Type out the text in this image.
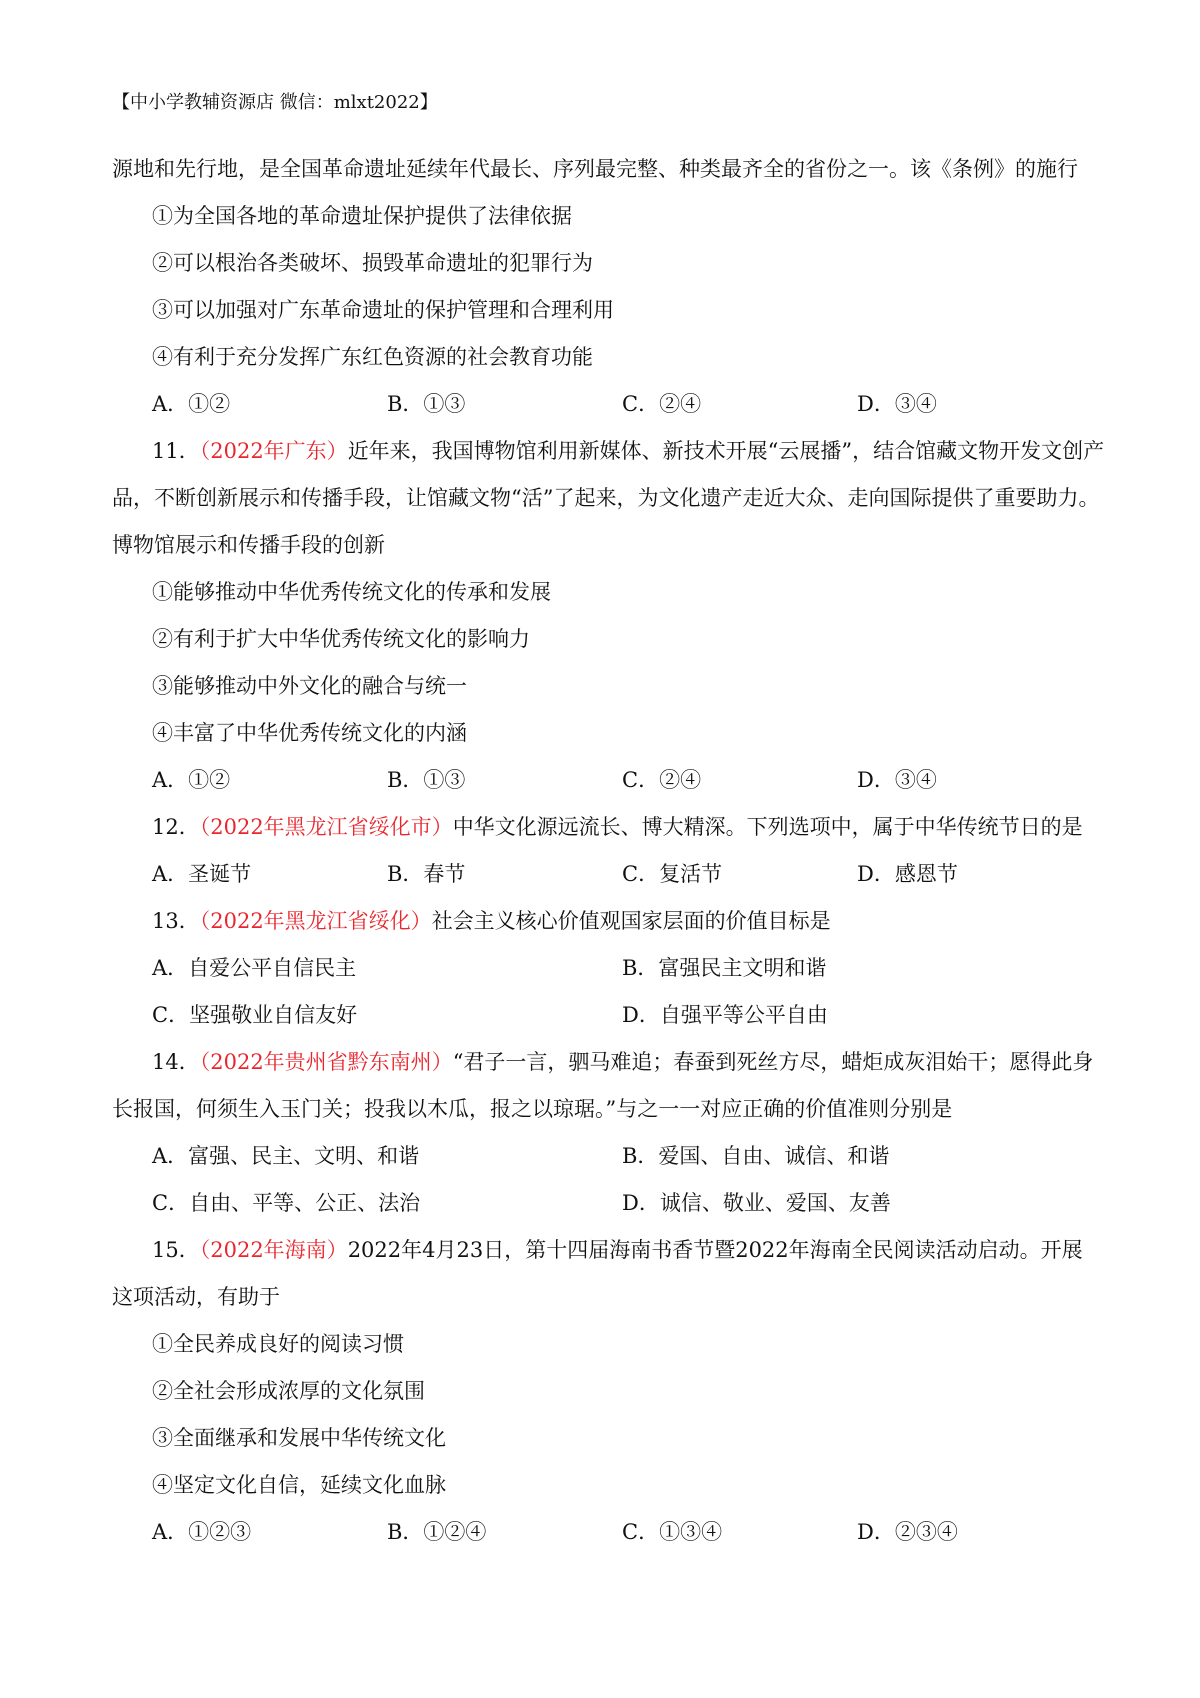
【中小学教辅资源店 微信：mlxt2022】

源地和先行地，是全国革命遗址延续年代最长、序列最完整、种类最齐全的省份之一。该《条例》的施行

①为全国各地的革命遗址保护提供了法律依据

②可以根治各类破坏、损毁革命遗址的犯罪行为

③可以加强对广东革命遗址的保护管理和合理利用

④有利于充分发挥广东红色资源的社会教育功能

A．①②	B．①③	C．②④	D．③④

11．（2022年广东）近年来，我国博物馆利用新媒体、新技术开展“云展播”，结合馆藏文物开发文创产

品，不断创新展示和传播手段，让馆藏文物“活”了起来，为文化遗产走近大众、走向国际提供了重要助力。

博物馆展示和传播手段的创新

①能够推动中华优秀传统文化的传承和发展

②有利于扩大中华优秀传统文化的影响力

③能够推动中外文化的融合与统一

④丰富了中华优秀传统文化的内涵

A．①②	B．①③	C．②④	D．③④

12．（2022年黑龙江省绥化市）中华文化源远流长、博大精深。下列选项中，属于中华传统节日的是

A．圣诞节	B．春节	C．复活节	D．感恩节

13．（2022年黑龙江省绥化）社会主义核心价值观国家层面的价值目标是

A．自爱公平自信民主	B．富强民主文明和谐
C．坚强敬业自信友好	D．自强平等公平自由

14．（2022年贵州省黔东南州）“君子一言，驷马难追；春蚕到死丝方尽，蜡炬成灰泪始干；愿得此身

长报国，何须生入玉门关；投我以木瓜，报之以琼琚。”与之一一对应正确的价值准则分别是

A．富强、民主、文明、和谐	B．爱国、自由、诚信、和谐
C．自由、平等、公正、法治	D．诚信、敬业、爱国、友善

15．（2022年海南）2022年4月23日，第十四届海南书香节暨2022年海南全民阅读活动启动。开展

这项活动，有助于

①全民养成良好的阅读习惯

②全社会形成浓厚的文化氛围

③全面继承和发展中华传统文化

④坚定文化自信，延续文化血脉

A．①②③	B．①②④	C．①③④	D．②③④
